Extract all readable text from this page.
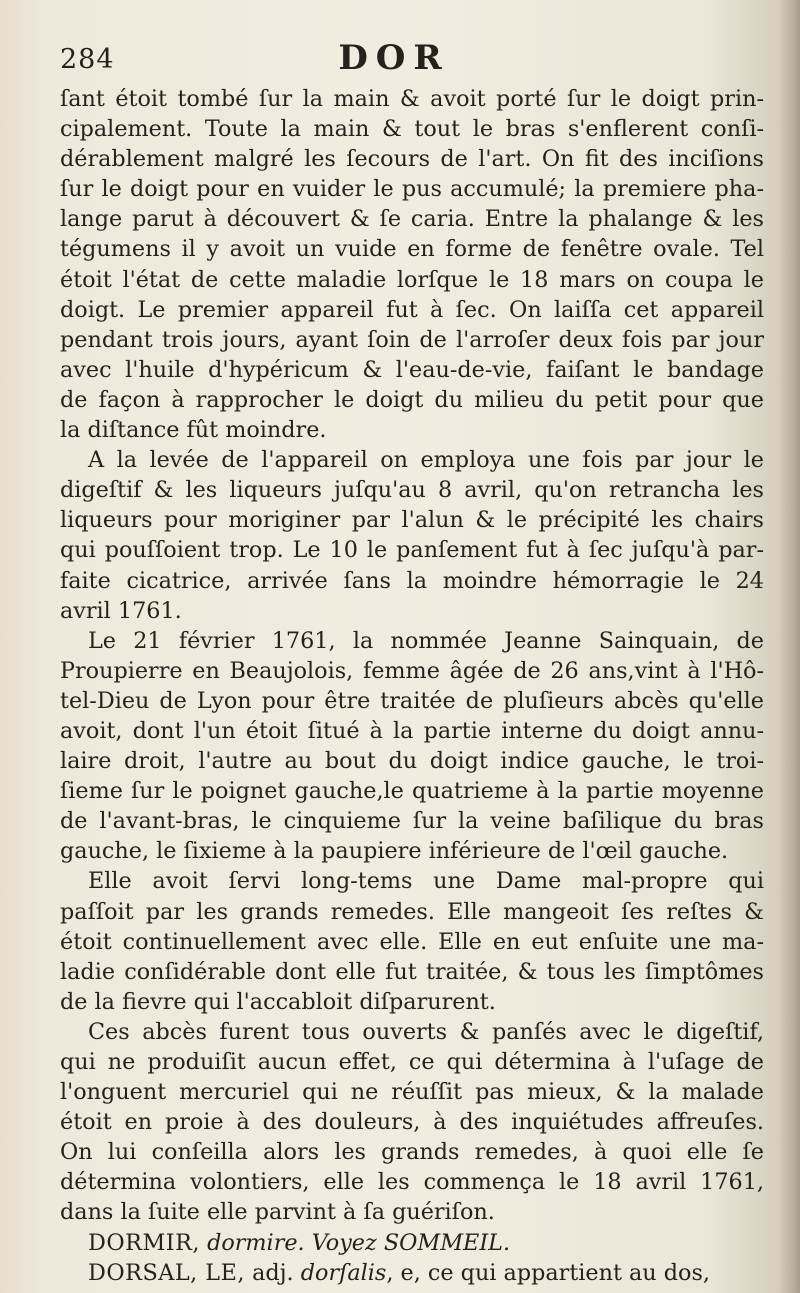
284	DOR
ſant étoit tombé ſur la main & avoit porté ſur le doigt prin-
cipalement. Toute la main & tout le bras s'enflerent conſi-
dérablement malgré les ſecours de l'art. On fit des inciſions
ſur le doigt pour en vuider le pus accumulé; la premiere pha-
lange parut à découvert & ſe caria. Entre la phalange & les
tégumens il y avoit un vuide en forme de fenêtre ovale. Tel
étoit l'état de cette maladie lorſque le 18 mars on coupa le
doigt. Le premier appareil fut à ſec. On laiſſa cet appareil
pendant trois jours, ayant ſoin de l'arroſer deux fois par jour
avec l'huile d'hypéricum & l'eau-de-vie, faiſant le bandage
de façon à rapprocher le doigt du milieu du petit pour que
la diſtance fût moindre.
A la levée de l'appareil on employa une fois par jour le
digeſtif & les liqueurs juſqu'au 8 avril, qu'on retrancha les
liqueurs pour moriginer par l'alun & le précipité les chairs
qui pouſſoient trop. Le 10 le panſement fut à ſec juſqu'à par-
faite cicatrice, arrivée ſans la moindre hémorragie le 24
avril 1761.
Le 21 février 1761, la nommée Jeanne Sainquain, de
Proupierre en Beaujolois, femme âgée de 26 ans,vint à l'Hô-
tel-Dieu de Lyon pour être traitée de pluſieurs abcès qu'elle
avoit, dont l'un étoit ſitué à la partie interne du doigt annu-
laire droit, l'autre au bout du doigt indice gauche, le troi-
ſieme ſur le poignet gauche,le quatrieme à la partie moyenne
de l'avant-bras, le cinquieme ſur la veine baſilique du bras
gauche, le ſixieme à la paupiere inférieure de l'œil gauche.
Elle avoit ſervi long-tems une Dame mal-propre qui
paſſoit par les grands remedes. Elle mangeoit ſes reſtes &
étoit continuellement avec elle. Elle en eut enſuite une ma-
ladie conſidérable dont elle fut traitée, & tous les ſimptômes
de la fievre qui l'accabloit diſparurent.
Ces abcès furent tous ouverts & panſés avec le digeſtif,
qui ne produiſit aucun effet, ce qui détermina à l'uſage de
l'onguent mercuriel qui ne réuſſit pas mieux, & la malade
étoit en proie à des douleurs, à des inquiétudes affreuſes.
On lui conſeilla alors les grands remedes, à quoi elle ſe
détermina volontiers, elle les commença le 18 avril 1761,
dans la ſuite elle parvint à ſa guériſon.
DORMIR, dormire. Voyez SOMMEIL.
DORSAL, LE, adj. dorſalis, e, ce qui appartient au dos,
